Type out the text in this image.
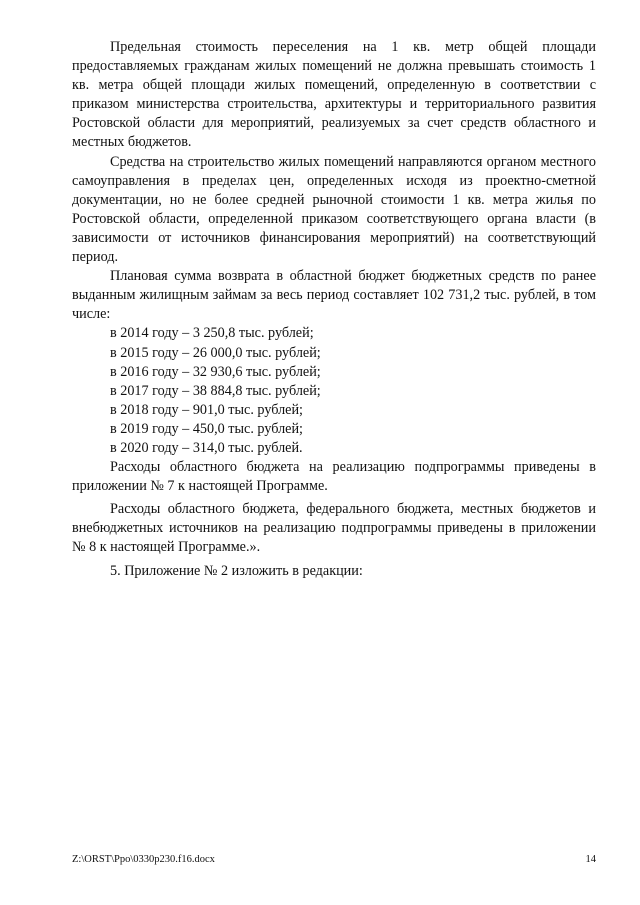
Предельная стоимость переселения на 1 кв. метр общей площади предоставляемых гражданам жилых помещений не должна превышать стоимость 1 кв. метра общей площади жилых помещений, определенную в соответствии с приказом министерства строительства, архитектуры и территориального развития Ростовской области для мероприятий, реализуемых за счет средств областного и местных бюджетов.

Средства на строительство жилых помещений направляются органом местного самоуправления в пределах цен, определенных исходя из проектно-сметной документации, но не более средней рыночной стоимости 1 кв. метра жилья по Ростовской области, определенной приказом соответствующего органа власти (в зависимости от источников финансирования мероприятий) на соответствующий период.

Плановая сумма возврата в областной бюджет бюджетных средств по ранее выданным жилищным займам за весь период составляет 102 731,2 тыс. рублей, в том числе:

в 2014 году – 3 250,8 тыс. рублей;
в 2015 году – 26 000,0 тыс. рублей;
в 2016 году – 32 930,6 тыс. рублей;
в 2017 году – 38 884,8 тыс. рублей;
в 2018 году – 901,0 тыс. рублей;
в 2019 году – 450,0 тыс. рублей;
в 2020 году – 314,0 тыс. рублей.

Расходы областного бюджета на реализацию подпрограммы приведены в приложении № 7 к настоящей Программе.

Расходы областного бюджета, федерального бюджета, местных бюджетов и внебюджетных источников на реализацию подпрограммы приведены в приложении № 8 к настоящей Программе.».

5. Приложение № 2 изложить в редакции:

Z:\ORST\Ppo\0330p230.f16.docx	14
